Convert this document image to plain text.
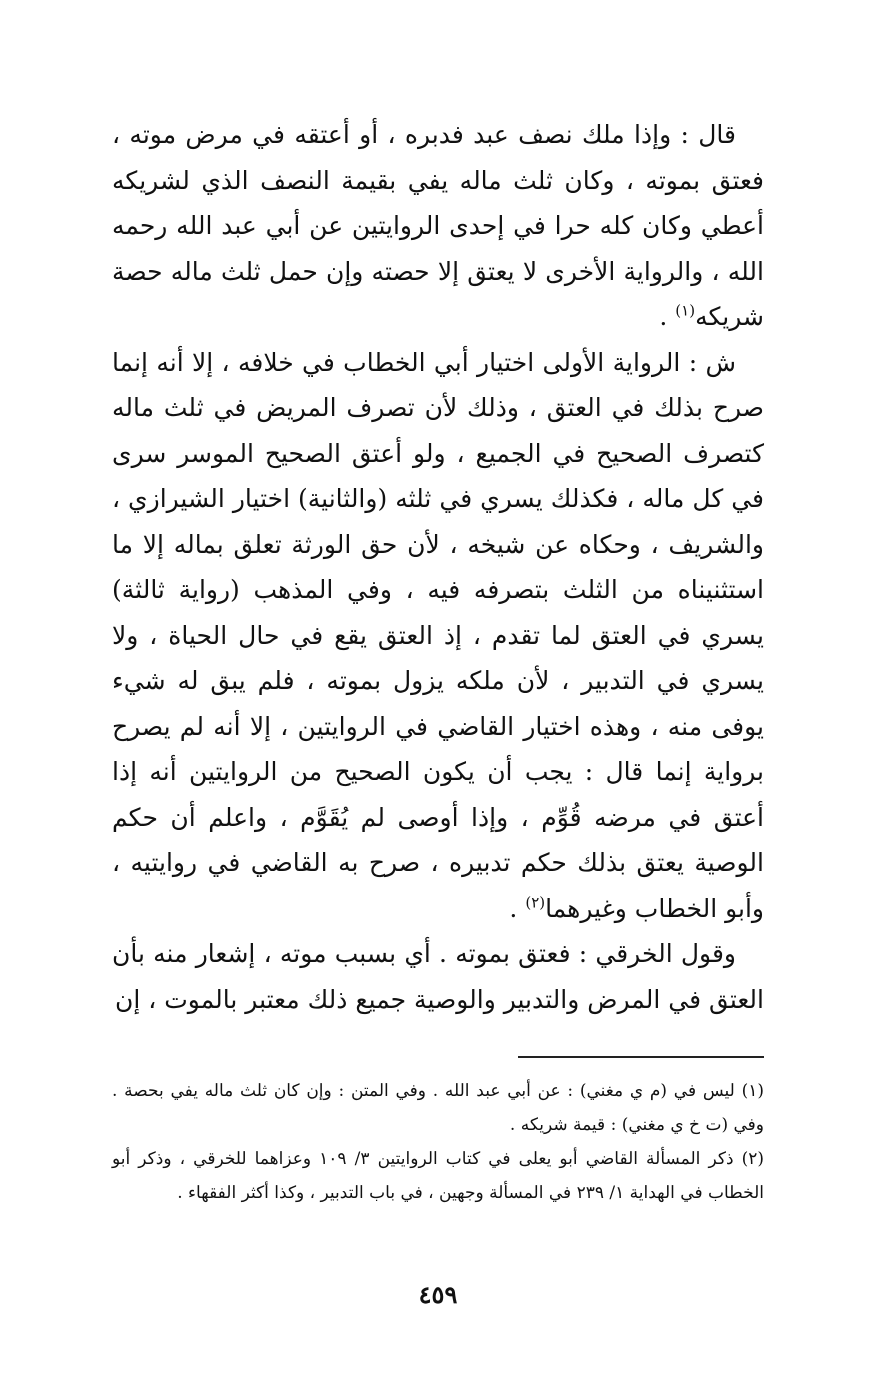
قال : وإذا ملك نصف عبد فدبره ، أو أعتقه في مرض موته ، فعتق بموته ، وكان ثلث ماله يفي بقيمة النصف الذي لشريكه أعطي وكان كله حرا في إحدى الروايتين عن أبي عبد الله رحمه الله ، والرواية الأخرى لا يعتق إلا حصته وإن حمل ثلث ماله حصة شريكه$^{(١)}$ .

ش : الرواية الأولى اختيار أبي الخطاب في خلافه ، إلا أنه إنما صرح بذلك في العتق ، وذلك لأن تصرف المريض في ثلث ماله كتصرف الصحيح في الجميع ، ولو أعتق الصحيح الموسر سرى في كل ماله ، فكذلك يسري في ثلثه (والثانية) اختيار الشيرازي ، والشريف ، وحكاه عن شيخه ، لأن حق الورثة تعلق بماله إلا ما استثنيناه من الثلث بتصرفه فيه ، وفي المذهب (رواية ثالثة) يسري في العتق لما تقدم ، إذ العتق يقع في حال الحياة ، ولا يسري في التدبير ، لأن ملكه يزول بموته ، فلم يبق له شيء يوفى منه ، وهذه اختيار القاضي في الروايتين ، إلا أنه لم يصرح برواية إنما قال : يجب أن يكون الصحيح من الروايتين أنه إذا أعتق في مرضه قُوِّم ، وإذا أوصى لم يُقَوَّم ، واعلم أن حكم الوصية يعتق بذلك حكم تدبيره ، صرح به القاضي في روايتيه ، وأبو الخطاب وغيرهما$^{(٢)}$ .

وقول الخرقي : فعتق بموته . أي بسبب موته ، إشعار منه بأن العتق في المرض والتدبير والوصية جميع ذلك معتبر بالموت ، إن

(١) ليس في (م ي مغني) : عن أبي عبد الله . وفي المتن : وإن كان ثلث ماله يفي بحصة . وفي (ت خ ي مغني) : قيمة شريكه .

(٢) ذكر المسألة القاضي أبو يعلى في كتاب الروايتين ٣/ ١٠٩ وعزاهما للخرقي ، وذكر أبو الخطاب في الهداية ١/ ٢٣٩ في المسألة وجهين ، في باب التدبير ، وكذا أكثر الفقهاء .

٤٥٩
